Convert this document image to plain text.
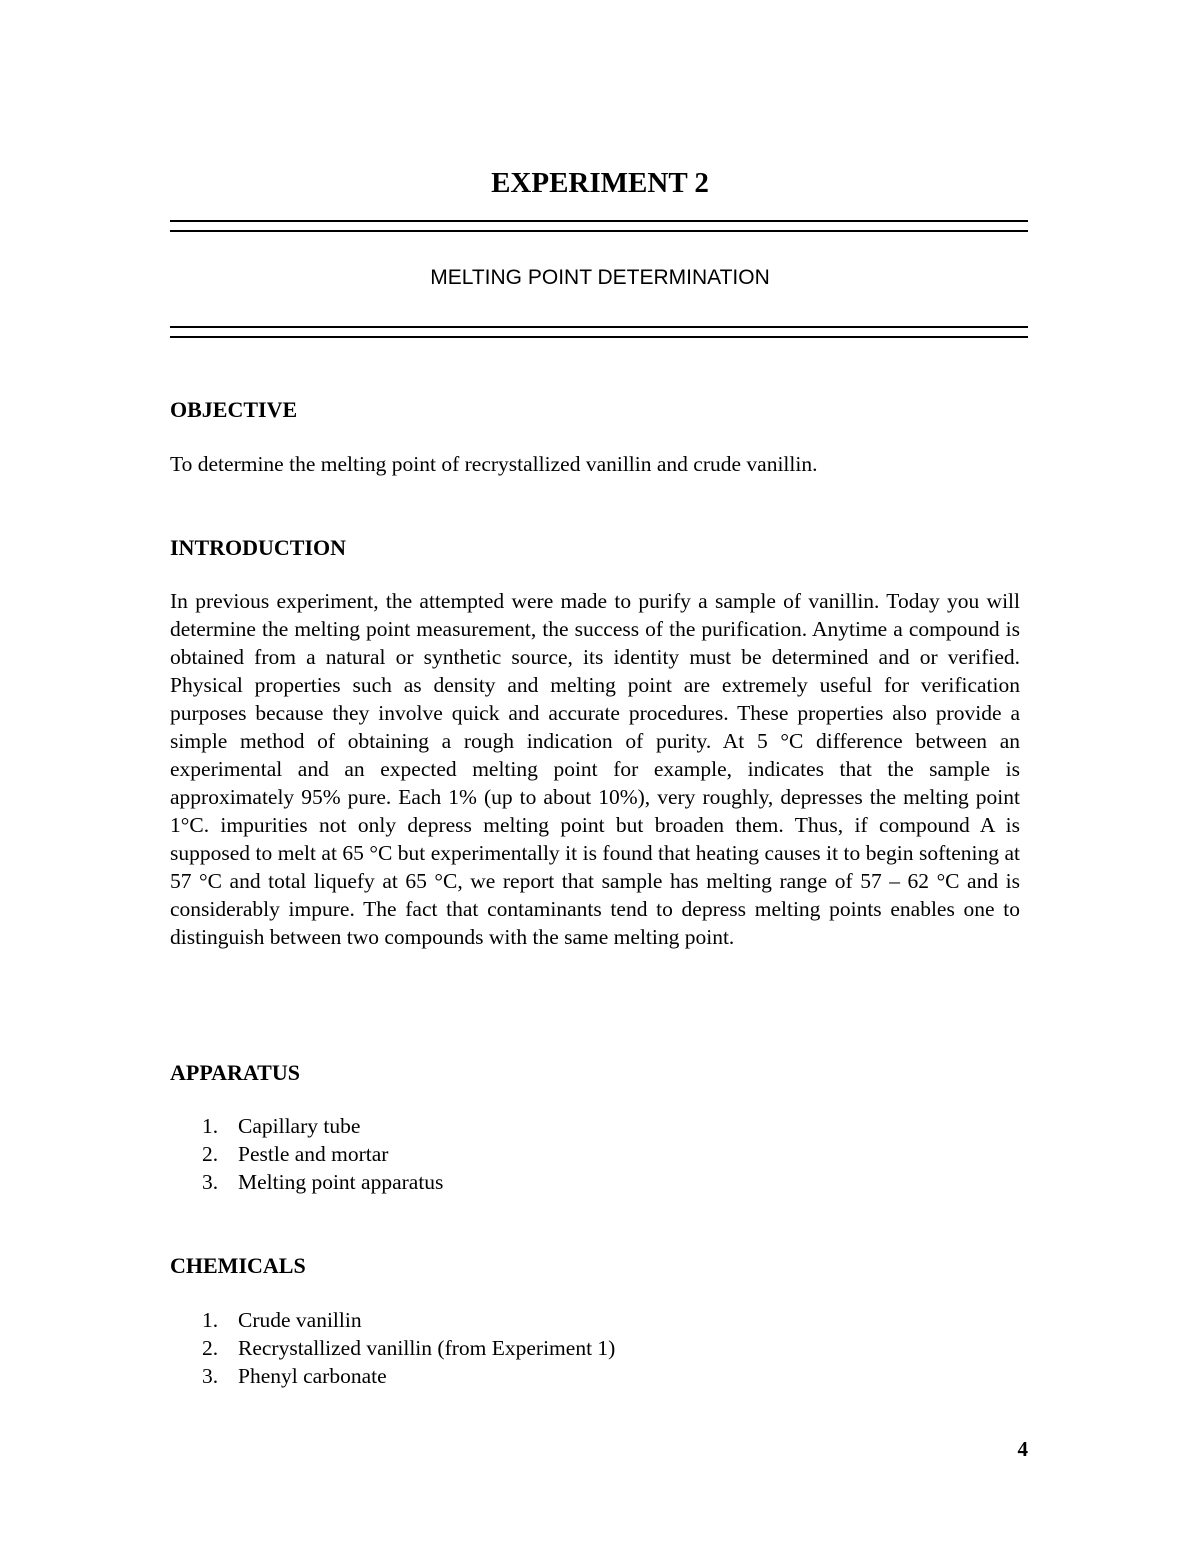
EXPERIMENT 2
MELTING POINT DETERMINATION
OBJECTIVE

To determine the melting point of recrystallized vanillin and crude vanillin.

INTRODUCTION

In previous experiment, the attempted were made to purify a sample of vanillin. Today you will determine the melting point measurement, the success of the purification. Anytime a compound is obtained from a natural or synthetic source, its identity must be determined and or verified. Physical properties such as density and melting point are extremely useful for verification purposes because they involve quick and accurate procedures. These properties also provide a simple method of obtaining a rough indication of purity. At 5 °C difference between an experimental and an expected melting point for example, indicates that the sample is approximately 95% pure. Each 1% (up to about 10%), very roughly, depresses the melting point 1°C. impurities not only depress melting point but broaden them. Thus, if compound A is supposed to melt at 65 °C but experimentally it is found that heating causes it to begin softening at 57 °C and total liquefy at 65 °C, we report that sample has melting range of 57 – 62 °C and is considerably impure. The fact that contaminants tend to depress melting points enables one to distinguish between two compounds with the same melting point.

APPARATUS
1. Capillary tube
2. Pestle and mortar
3. Melting point apparatus
CHEMICALS
1. Crude vanillin
2. Recrystallized vanillin (from Experiment 1)
3. Phenyl carbonate
4
